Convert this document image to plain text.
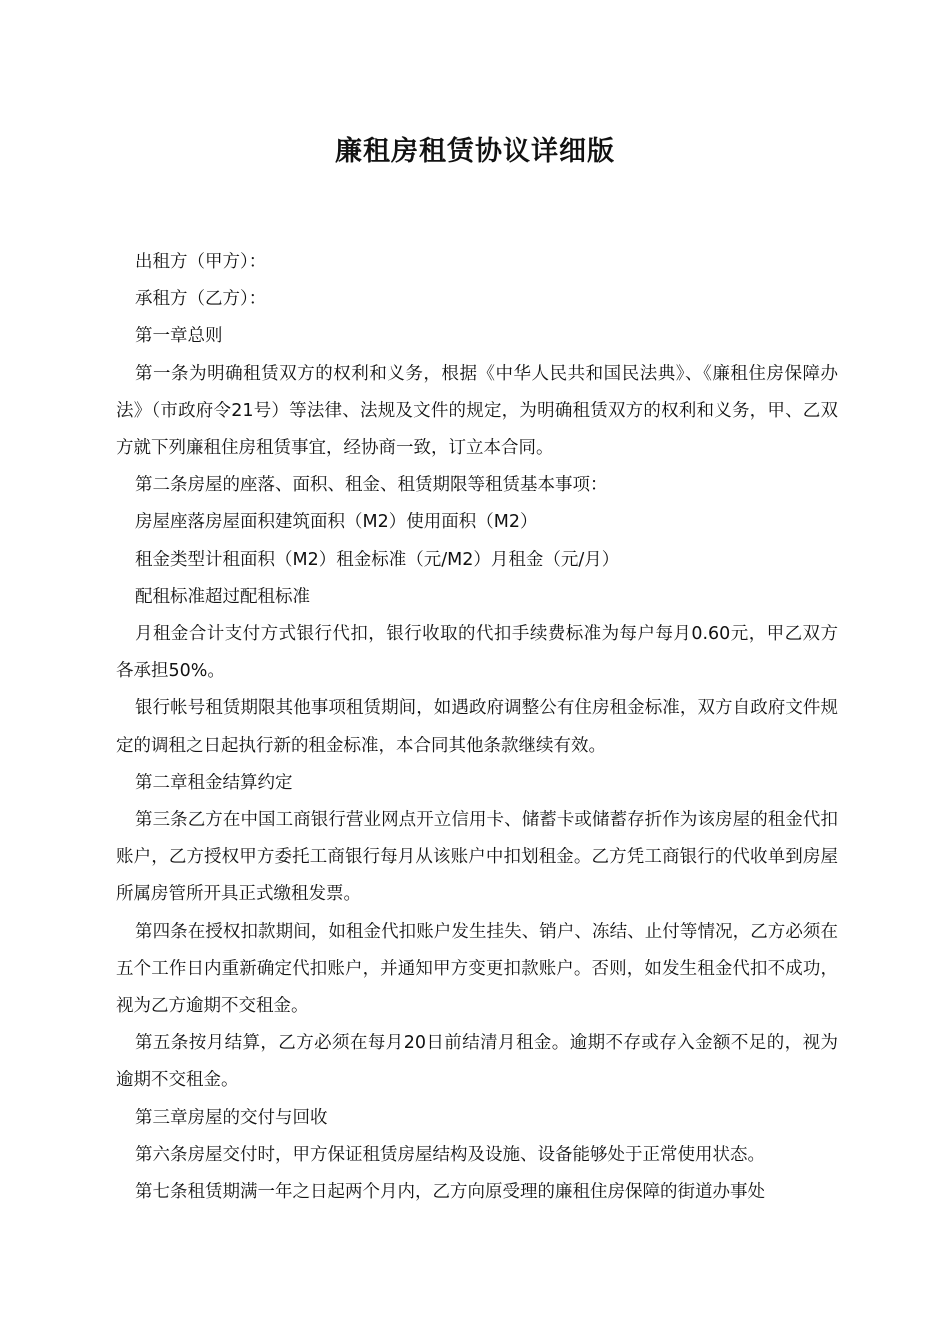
廉租房租赁协议详细版

出租方（甲方）：

承租方（乙方）：

第一章总则

第一条为明确租赁双方的权利和义务，根据《中华人民共和国民法典》、《廉租住房保障办法》（市政府令21号）等法律、法规及文件的规定，为明确租赁双方的权利和义务，甲、乙双方就下列廉租住房租赁事宜，经协商一致，订立本合同。

第二条房屋的座落、面积、租金、租赁期限等租赁基本事项：

房屋座落房屋面积建筑面积（M2）使用面积（M2）

租金类型计租面积（M2）租金标准（元/M2）月租金（元/月）

配租标准超过配租标准

月租金合计支付方式银行代扣，银行收取的代扣手续费标准为每户每月0.60元，甲乙双方各承担50%。

银行帐号租赁期限其他事项租赁期间，如遇政府调整公有住房租金标准，双方自政府文件规定的调租之日起执行新的租金标准，本合同其他条款继续有效。

第二章租金结算约定

第三条乙方在中国工商银行营业网点开立信用卡、储蓄卡或储蓄存折作为该房屋的租金代扣账户，乙方授权甲方委托工商银行每月从该账户中扣划租金。乙方凭工商银行的代收单到房屋所属房管所开具正式缴租发票。

第四条在授权扣款期间，如租金代扣账户发生挂失、销户、冻结、止付等情况，乙方必须在五个工作日内重新确定代扣账户，并通知甲方变更扣款账户。否则，如发生租金代扣不成功，视为乙方逾期不交租金。

第五条按月结算，乙方必须在每月20日前结清月租金。逾期不存或存入金额不足的，视为逾期不交租金。

第三章房屋的交付与回收

第六条房屋交付时，甲方保证租赁房屋结构及设施、设备能够处于正常使用状态。

第七条租赁期满一年之日起两个月内，乙方向原受理的廉租住房保障的街道办事处
